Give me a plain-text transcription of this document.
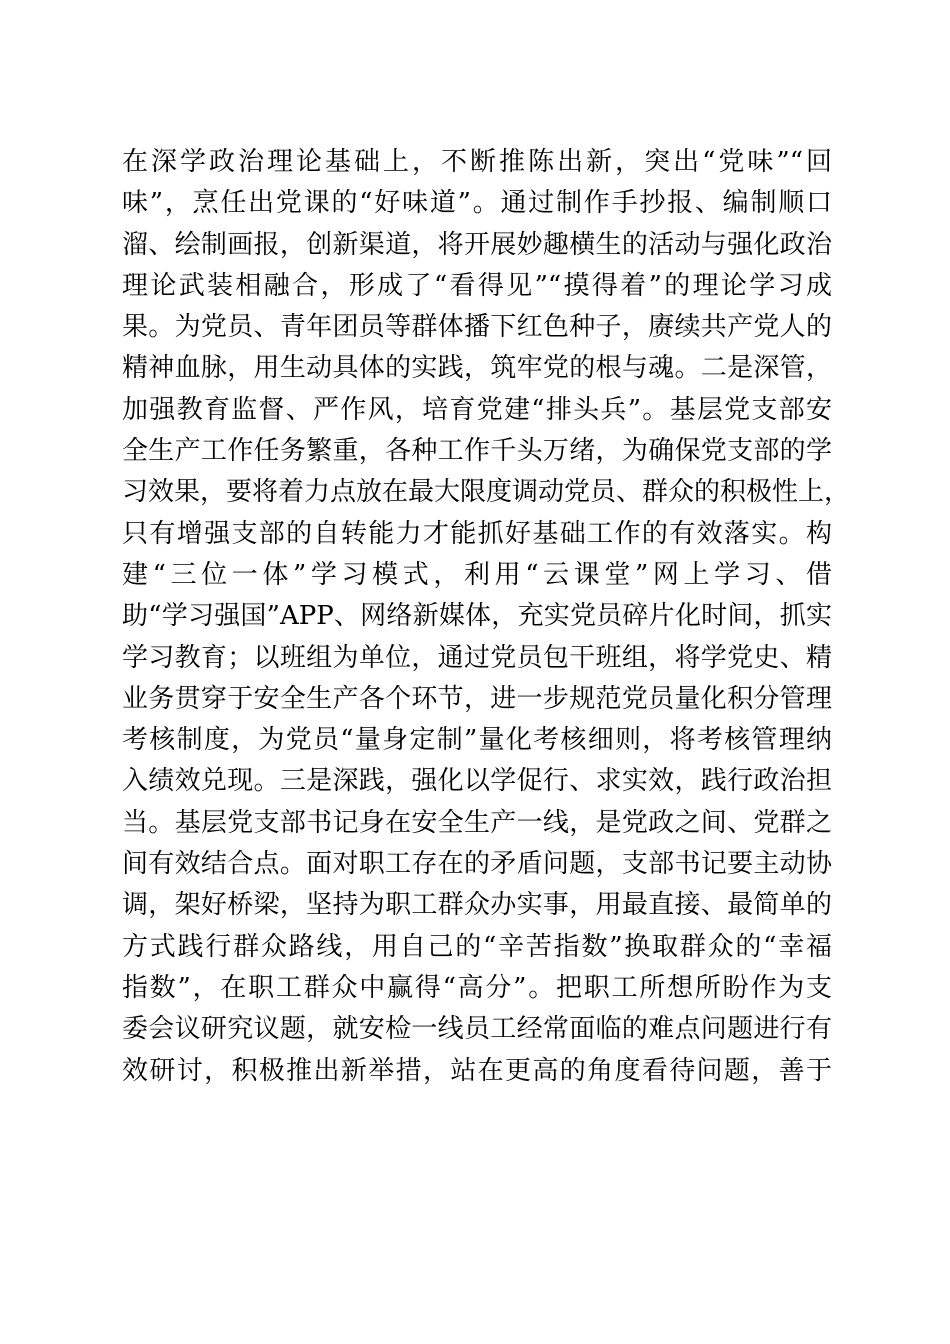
在深学政治理论基础上，不断推陈出新，突出“党味”“回
味”，烹任出党课的“好味道”。通过制作手抄报、编制顺口
溜、绘制画报，创新渠道，将开展妙趣横生的活动与强化政治
理论武装相融合，形成了“看得见”“摸得着”的理论学习成
果。为党员、青年团员等群体播下红色种子，赓续共产党人的
精神血脉，用生动具体的实践，筑牢党的根与魂。二是深管，
加强教育监督、严作风，培育党建“排头兵”。基层党支部安
全生产工作任务繁重，各种工作千头万绪，为确保党支部的学
习效果，要将着力点放在最大限度调动党员、群众的积极性上，
只有增强支部的自转能力才能抓好基础工作的有效落实。构
建“三位一体”学习模式，利用“云课堂”网上学习、借
助“学习强国”APP、网络新媒体，充实党员碎片化时间，抓实
学习教育；以班组为单位，通过党员包干班组，将学党史、精
业务贯穿于安全生产各个环节，进一步规范党员量化积分管理
考核制度，为党员“量身定制”量化考核细则，将考核管理纳
入绩效兑现。三是深践，强化以学促行、求实效，践行政治担
当。基层党支部书记身在安全生产一线，是党政之间、党群之
间有效结合点。面对职工存在的矛盾问题，支部书记要主动协
调，架好桥梁，坚持为职工群众办实事，用最直接、最简单的
方式践行群众路线，用自己的“辛苦指数”换取群众的“幸福
指数”，在职工群众中赢得“高分”。把职工所想所盼作为支
委会议研究议题，就安检一线员工经常面临的难点问题进行有
效研讨，积极推出新举措，站在更高的角度看待问题，善于
